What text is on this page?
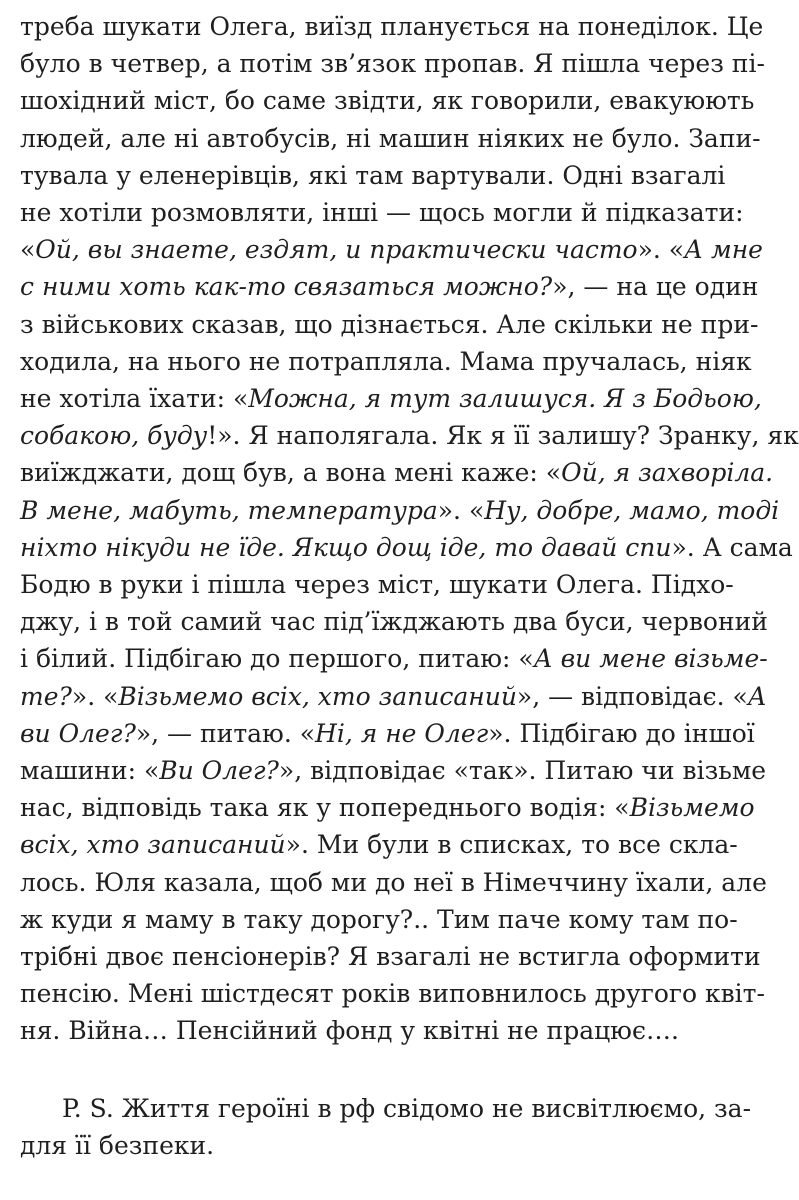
треба шукати Олега, виїзд планується на понеділок. Це
було в четвер, а потім зв’язок пропав. Я пішла через пі-
шохідний міст, бо саме звідти, як говорили, евакуюють
людей, але ні автобусів, ні машин ніяких не було. Запи-
тувала у еленерівців, які там вартували. Одні взагалі
не хотіли розмовляти, інші — щось могли й підказати:
«Ой, вы знаете, ездят, и практически часто». «А мне
с ними хоть как-то связаться можно?», — на це один
з військових сказав, що дізнається. Але скільки не при-
ходила, на нього не потрапляла. Мама пручалась, ніяк
не хотіла їхати: «Можна, я тут залишуся. Я з Бодьою,
собакою, буду!». Я наполягала. Як я її залишу? Зранку, як
виїжджати, дощ був, а вона мені каже: «Ой, я захворіла.
В мене, мабуть, температура». «Ну, добре, мамо, тоді
ніхто нікуди не їде. Якщо дощ іде, то давай спи». А сама
Бодю в руки і пішла через міст, шукати Олега. Підхо-
джу, і в той самий час під’їжджають два буси, червоний
і білий. Підбігаю до першого, питаю: «А ви мене візьме-
те?». «Візьмемо всіх, хто записаний», — відповідає. «А
ви Олег?», — питаю. «Ні, я не Олег». Підбігаю до іншої
машини: «Ви Олег?», відповідає «так». Питаю чи візьме
нас, відповідь така як у попереднього водія: «Візьмемо
всіх, хто записаний». Ми були в списках, то все скла-
лось. Юля казала, щоб ми до неї в Німеччину їхали, але
ж куди я маму в таку дорогу?.. Тим паче кому там по-
трібні двоє пенсіонерів? Я взагалі не встигла оформити
пенсію. Мені шістдесят років виповнилось другого квіт-
ня. Війна… Пенсійний фонд у квітні не працює….
P. S. Життя героїні в рф свідомо не висвітлюємо, за-
для її безпеки.
